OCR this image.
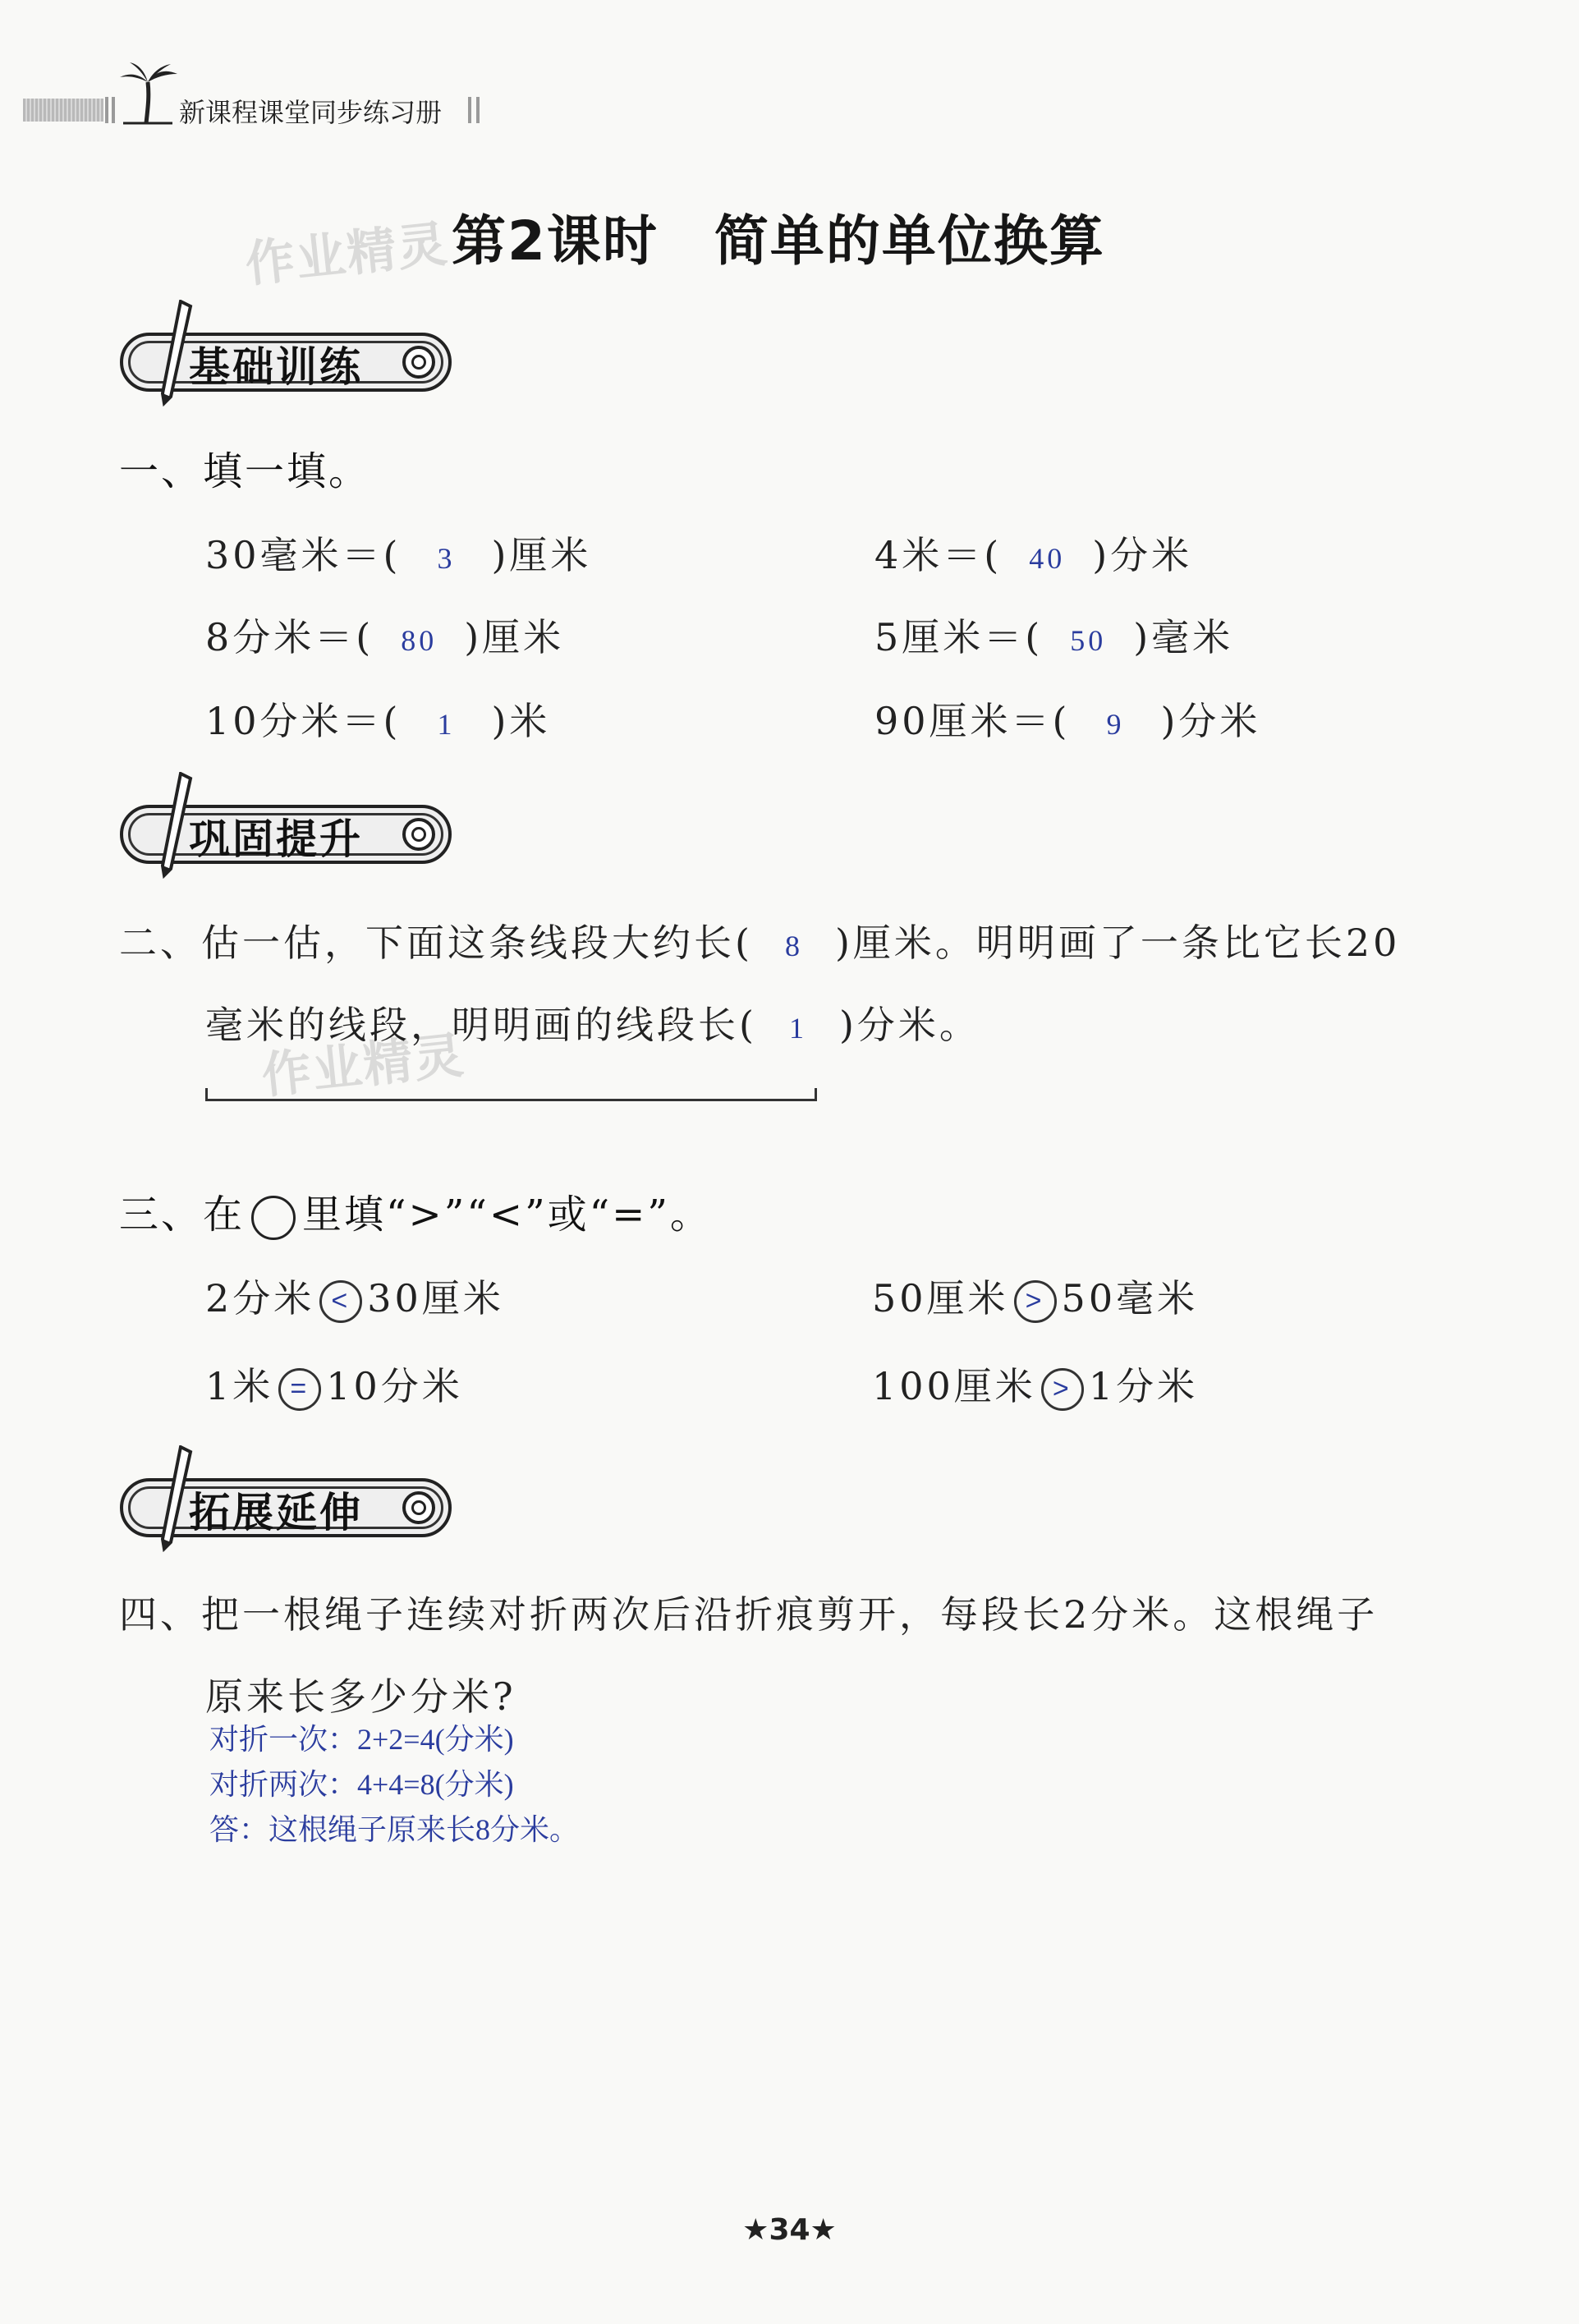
新课程课堂同步练习册
作业精灵
作业精灵
第2课时　简单的单位换算
基础训练
一、填一填。
30毫米＝( 3 )厘米	4米＝( 40 )分米
8分米＝( 80 )厘米	5厘米＝( 50 )毫米
10分米＝( 1 )米	90厘米＝( 9 )分米
巩固提升
二、估一估，下面这条线段大约长( 8 )厘米。明明画了一条比它长20
毫米的线段，明明画的线段长( 1 )分米。
三、在 里填“>”“<”或“=”。
2分米 < 30厘米	50厘米 > 50毫米
1米 = 10分米	100厘米 > 1分米
拓展延伸
四、把一根绳子连续对折两次后沿折痕剪开，每段长2分米。这根绳子
原来长多少分米?
对折一次：2+2=4(分米)
对折两次：4+4=8(分米)
答：这根绳子原来长8分米。
★34★
